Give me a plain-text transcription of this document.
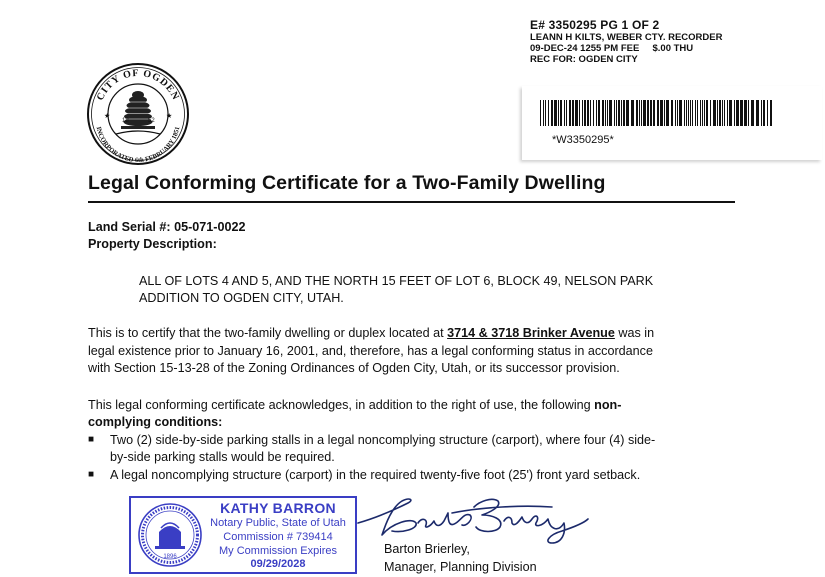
E# 3350295 PG 1 OF 2
LEANN H KILTS, WEBER CTY. RECORDER
09-DEC-24 1255 PM FEE     $.00 THU
REC FOR: OGDEN CITY
*W3350295*
CITY OF OGDEN
INCORPORATED 6th FEBRUARY 1851
18	52
★	★
Legal Conforming Certificate for a Two-Family Dwelling
Land Serial #: 05-071-0022
Property Description:
ALL OF LOTS 4 AND 5, AND THE NORTH 15 FEET OF LOT 6, BLOCK 49, NELSON PARK
ADDITION TO OGDEN CITY, UTAH.
This is to certify that the two-family dwelling or duplex located at 3714 & 3718 Brinker Avenue was in
legal existence prior to January 16, 2001, and, therefore, has a legal conforming status in accordance
with Section 15-13-28 of the Zoning Ordinances of Ogden City, Utah, or its successor provision.
This legal conforming certificate acknowledges, in addition to the right of use, the following non-
complying conditions:
■ Two (2) side-by-side parking stalls in a legal noncomplying structure (carport), where four (4) side-
by-side parking stalls would be required.
■ A legal noncomplying structure (carport) in the required twenty-five foot (25') front yard setback.
1896
KATHY BARRON
Notary Public, State of Utah
Commission # 739414
My Commission Expires
09/29/2028
Barton Brierley,
Manager, Planning Division
